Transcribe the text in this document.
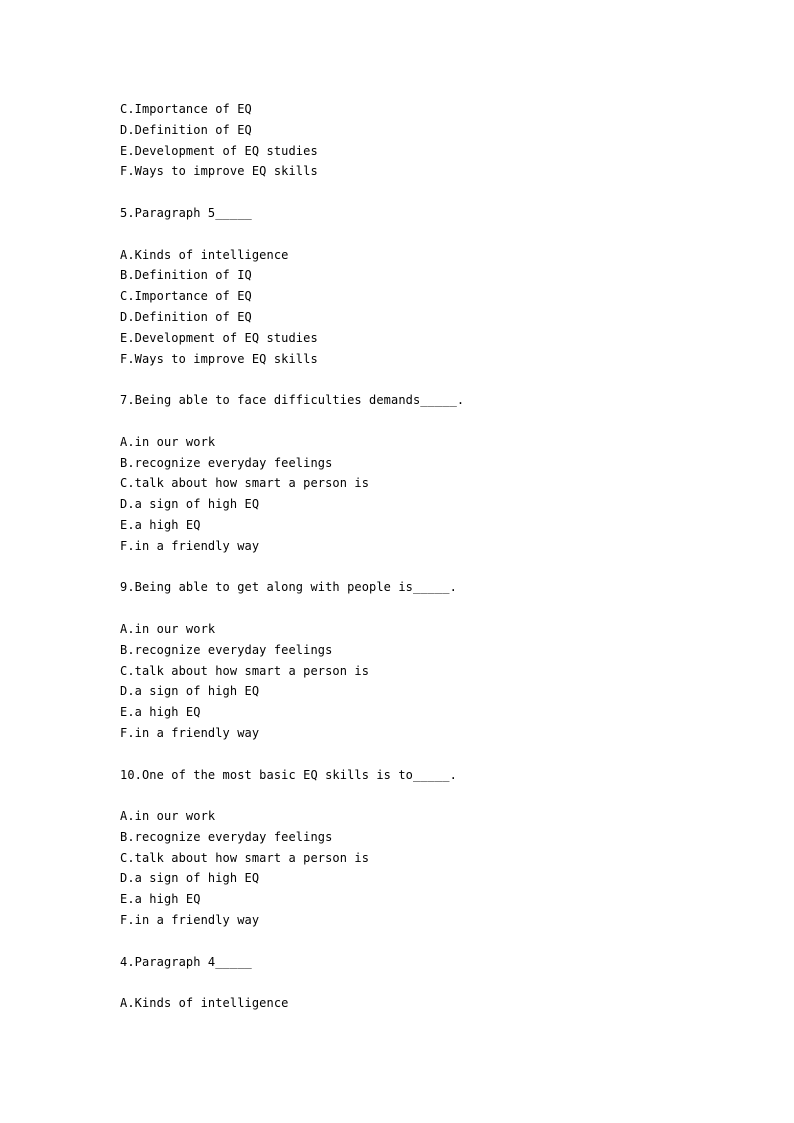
C.Importance of EQ
D.Definition of EQ
E.Development of EQ studies
F.Ways to improve EQ skills
5.Paragraph 5_____
A.Kinds of intelligence
B.Definition of IQ
C.Importance of EQ
D.Definition of EQ
E.Development of EQ studies
F.Ways to improve EQ skills
7.Being able to face difficulties demands_____.
A.in our work
B.recognize everyday feelings
C.talk about how smart a person is
D.a sign of high EQ
E.a high EQ
F.in a friendly way
9.Being able to get along with people is_____.
A.in our work
B.recognize everyday feelings
C.talk about how smart a person is
D.a sign of high EQ
E.a high EQ
F.in a friendly way
10.One of the most basic EQ skills is to_____.
A.in our work
B.recognize everyday feelings
C.talk about how smart a person is
D.a sign of high EQ
E.a high EQ
F.in a friendly way
4.Paragraph 4_____
A.Kinds of intelligence
